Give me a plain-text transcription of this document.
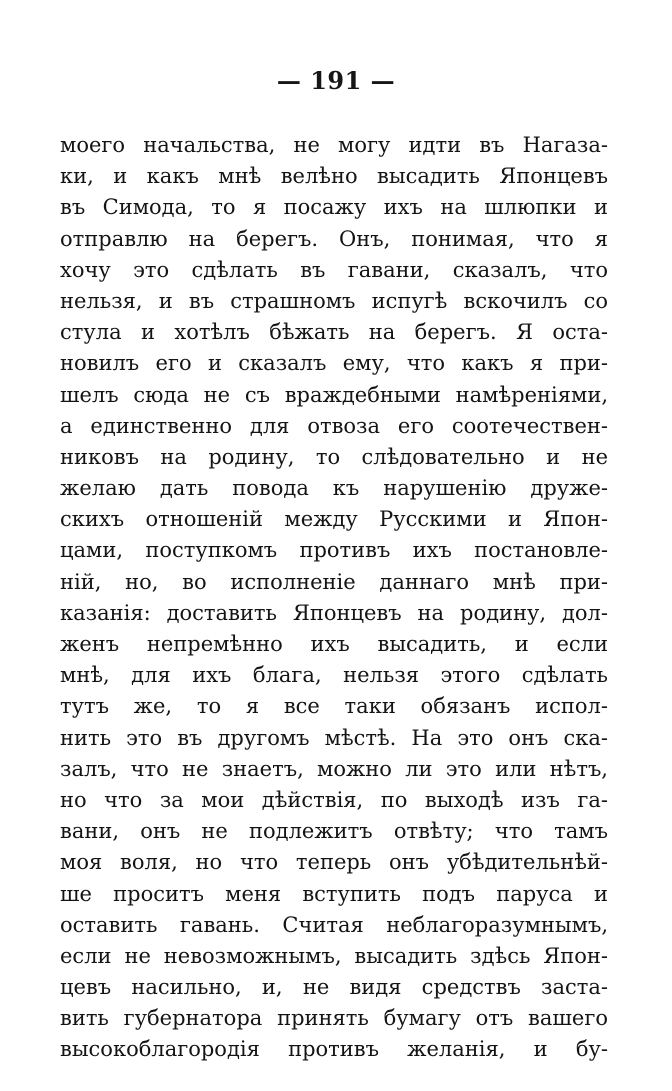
— 191 —
моего начальства, не могу идти въ Нагаза-
ки, и какъ мнѣ велѣно высадить Японцевъ
въ Симода, то я посажу ихъ на шлюпки и
отправлю на берегъ. Онъ, понимая, что я
хочу это сдѣлать въ гавани, сказалъ, что
нельзя, и въ страшномъ испугѣ вскочилъ со
стула и хотѣлъ бѣжать на берегъ. Я оста-
новилъ его и сказалъ ему, что какъ я при-
шелъ сюда не съ враждебными намѣреніями,
а единственно для отвоза его соотечествен-
никовъ на родину, то слѣдовательно и не
желаю дать повода къ нарушенію друже-
скихъ отношеній между Русскими и Япон-
цами, поступкомъ противъ ихъ постановле-
ній, но, во исполненіе даннаго мнѣ при-
казанія: доставить Японцевъ на родину, дол-
женъ непремѣнно ихъ высадить, и если
мнѣ, для ихъ блага, нельзя этого сдѣлать
тутъ же, то я все таки обязанъ испол-
нить это въ другомъ мѣстѣ. На это онъ ска-
залъ, что не знаетъ, можно ли это или нѣтъ,
но что за мои дѣйствія, по выходѣ изъ га-
вани, онъ не подлежитъ отвѣту; что тамъ
моя воля, но что теперь онъ убѣдительнѣй-
ше проситъ меня вступить подъ паруса и
оставить гавань. Считая неблагоразумнымъ,
если не невозможнымъ, высадить здѣсь Япон-
цевъ насильно, и, не видя средствъ заста-
вить губернатора принять бумагу отъ вашего
высокоблагородія противъ желанія, и бу-
